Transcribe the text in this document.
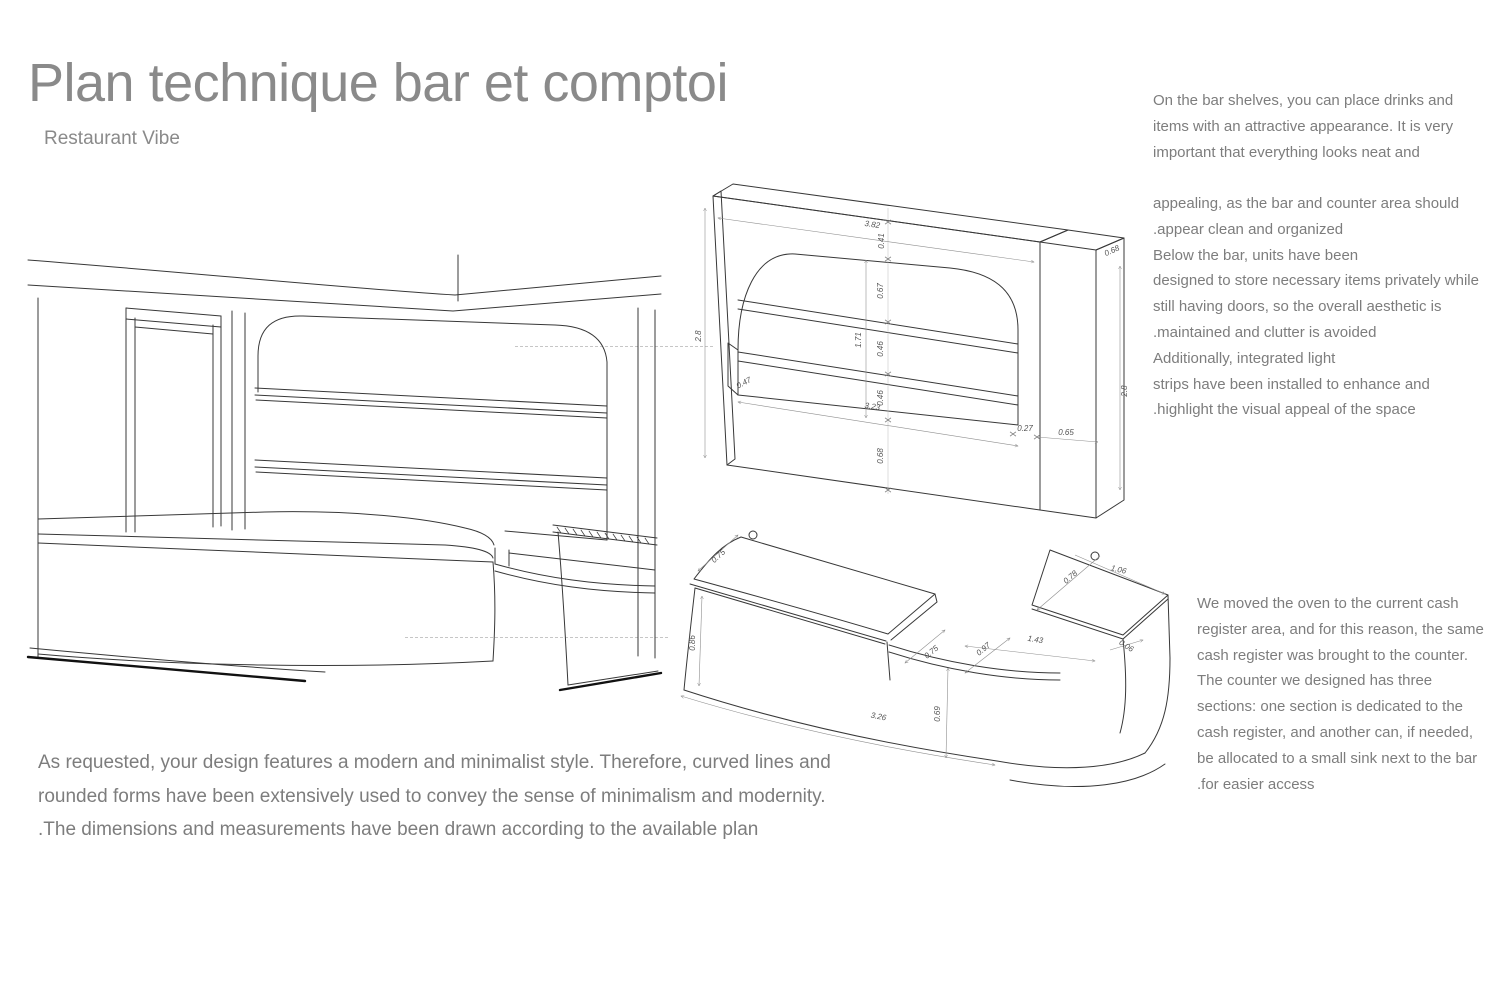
Plan technique bar et comptoi
Restaurant Vibe
On the bar shelves, you can place drinks and
items with an attractive appearance. It is very
important that everything looks neat and
appealing, as the bar and counter area should
.appear clean and organized
Below the bar, units have been
designed to store necessary items privately while
still having doors, so the overall aesthetic is
.maintained and clutter is avoided
Additionally, integrated light
strips have been installed to enhance and
.highlight the visual appeal of the space
We moved the oven to the current cash
register area, and for this reason, the same
cash register was brought to the counter.
The counter we designed has three
sections: one section is dedicated to the
cash register, and another can, if needed,
be allocated to a small sink next to the bar
.for easier access
As requested, your design features a modern and minimalist style. Therefore, curved lines and
rounded forms have been extensively used to convey the sense of minimalism and modernity.
.The dimensions and measurements have been drawn according to the available plan
3.82
0.41
0.67
1.71
0.46
0.46
3.23
0.68
2.8
0.47
0.68
2.8
0.27	0.65
0.75
0.86
3.26	0.69
0.75	0.97
1.43
0.78	1.06
0.06
